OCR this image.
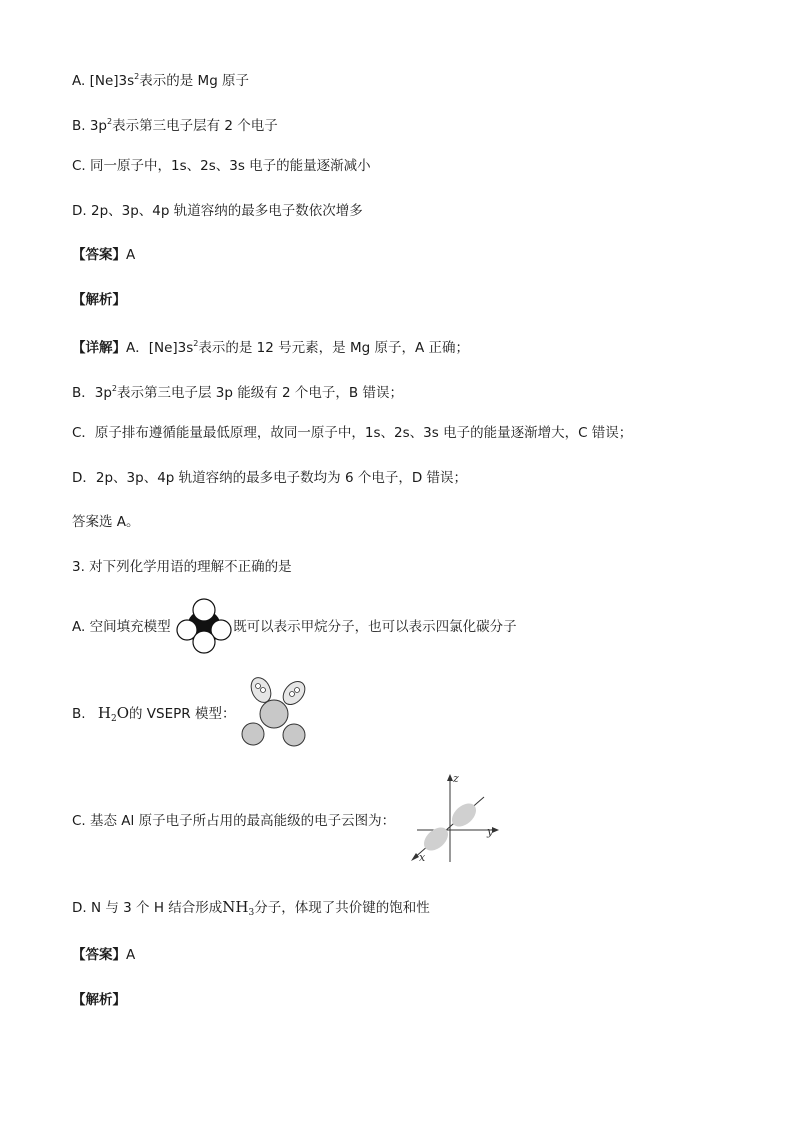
A. $[Ne]3s^2$表示的是 Mg 原子
B. $3p^2$表示第三电子层有 2 个电子
C. 同一原子中，1s、2s、3s 电子的能量逐渐减小
D. 2p、3p、4p 轨道容纳的最多电子数依次增多
【答案】A
【解析】
【详解】A．$[Ne]3s^2$表示的是 12 号元素，是 Mg 原子，A 正确；
B．$3p^2$表示第三电子层 3p 能级有 2 个电子，B 错误；
C．原子排布遵循能量最低原理，故同一原子中，1s、2s、3s 电子的能量逐渐增大，C 错误；
D．2p、3p、4p 轨道容纳的最多电子数均为 6 个电子，D 错误；
答案选 A。
3. 对下列化学用语的理解不正确的是
A. 空间填充模型	既可以表示甲烷分子，也可以表示四氯化碳分子
B. $H_2O$的 VSEPR 模型：
C. 基态 Al 原子电子所占用的最高能级的电子云图为：
z
y
x
D. N 与 3 个 H 结合形成$NH_3$分子，体现了共价键的饱和性
【答案】A
【解析】
